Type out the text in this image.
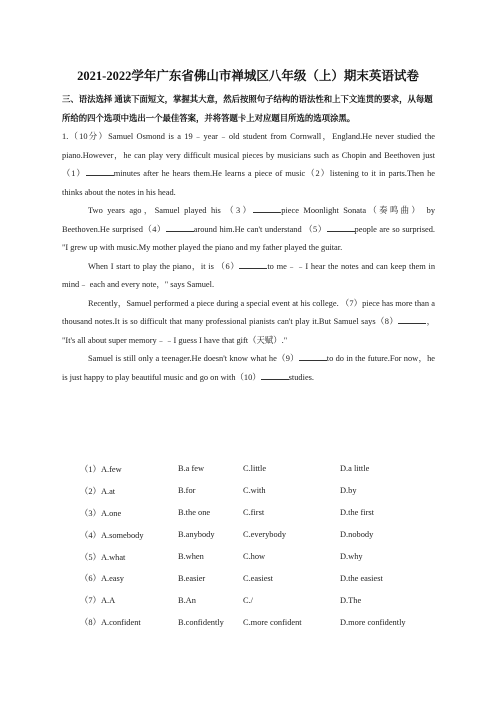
2021-2022学年广东省佛山市禅城区八年级（上）期末英语试卷
三、语法选择 通读下面短文，掌握其大意，然后按照句子结构的语法性和上下文连贯的要求，从每题所给的四个选项中选出一个最佳答案，并将答题卡上对应题目所选的选项涂黑。

1.（10分）Samuel Osmond is a 19﹣year﹣old student from Cornwall，England.He never studied the piano.However，he can play very difficult musical pieces by musicians such as Chopin and Beethoven just （1）	minutes after he hears them.He learns a piece of music（2）listening to it in parts.Then he thinks about the notes in his head.

Two years ago，Samuel played his （3）	piece Moonlight Sonata（奏鸣曲） by Beethoven.He surprised（4）	around him.He can't understand （5）	people are so surprised. "I grew up with music.My mother played the piano and my father played the guitar.

When I start to play the piano，it is （6）	to me﹣﹣I hear the notes and can keep them in mind﹣ each and every note，" says Samuel.

Recently，Samuel performed a piece during a special event at his college. （7）piece has more than a thousand notes.It is so difficult that many professional pianists can't play it.But Samuel says（8）	， "It's all about super memory﹣﹣I guess I have that gift（天赋）."

Samuel is still only a teenager.He doesn't know what he（9）	to do in the future.For now，he is just happy to play beautiful music and go on with（10）	studies.

（1）A.few	B.a few	C.little	D.a little
（2）A.at	B.for	C.with	D.by
（3）A.one	B.the one	C.first	D.the first
（4）A.somebody	B.anybody	C.everybody	D.nobody
（5）A.what	B.when	C.how	D.why
（6）A.easy	B.easier	C.easiest	D.the easiest
（7）A.A	B.An	C./	D.The
（8）A.confident	B.confidently	C.more confident	D.more confidently
